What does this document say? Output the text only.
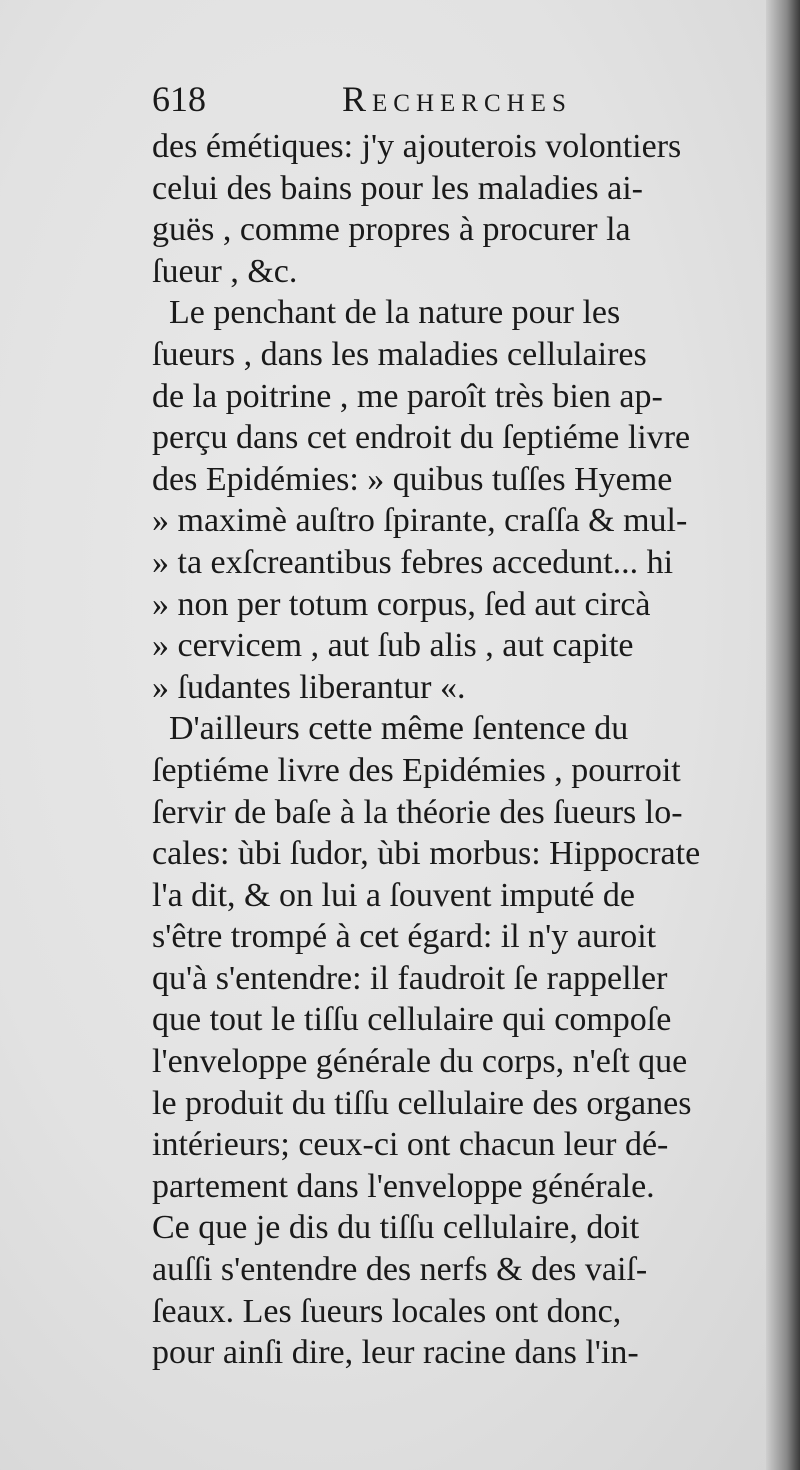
618	Recherches
des émétiques: j'y ajouterois volontiers
celui des bains pour les maladies ai-
guës , comme propres à procurer la
ſueur , &c.
Le penchant de la nature pour les
ſueurs , dans les maladies cellulaires
de la poitrine , me paroît très bien ap-
perçu dans cet endroit du ſeptiéme livre
des Epidémies: » quibus tuſſes Hyeme
» maximè auſtro ſpirante, craſſa & mul-
» ta exſcreantibus febres accedunt... hi
» non per totum corpus, ſed aut circà
» cervicem , aut ſub alis , aut capite
» ſudantes liberantur «.
D'ailleurs cette même ſentence du
ſeptiéme livre des Epidémies , pourroit
ſervir de baſe à la théorie des ſueurs lo-
cales: ùbi ſudor, ùbi morbus: Hippocrate
l'a dit, & on lui a ſouvent imputé de
s'être trompé à cet égard: il n'y auroit
qu'à s'entendre: il faudroit ſe rappeller
que tout le tiſſu cellulaire qui compoſe
l'enveloppe générale du corps, n'eſt que
le produit du tiſſu cellulaire des organes
intérieurs; ceux-ci ont chacun leur dé-
partement dans l'enveloppe générale.
Ce que je dis du tiſſu cellulaire, doit
auſſi s'entendre des nerfs & des vaiſ-
ſeaux. Les ſueurs locales ont donc,
pour ainſi dire, leur racine dans l'in-
